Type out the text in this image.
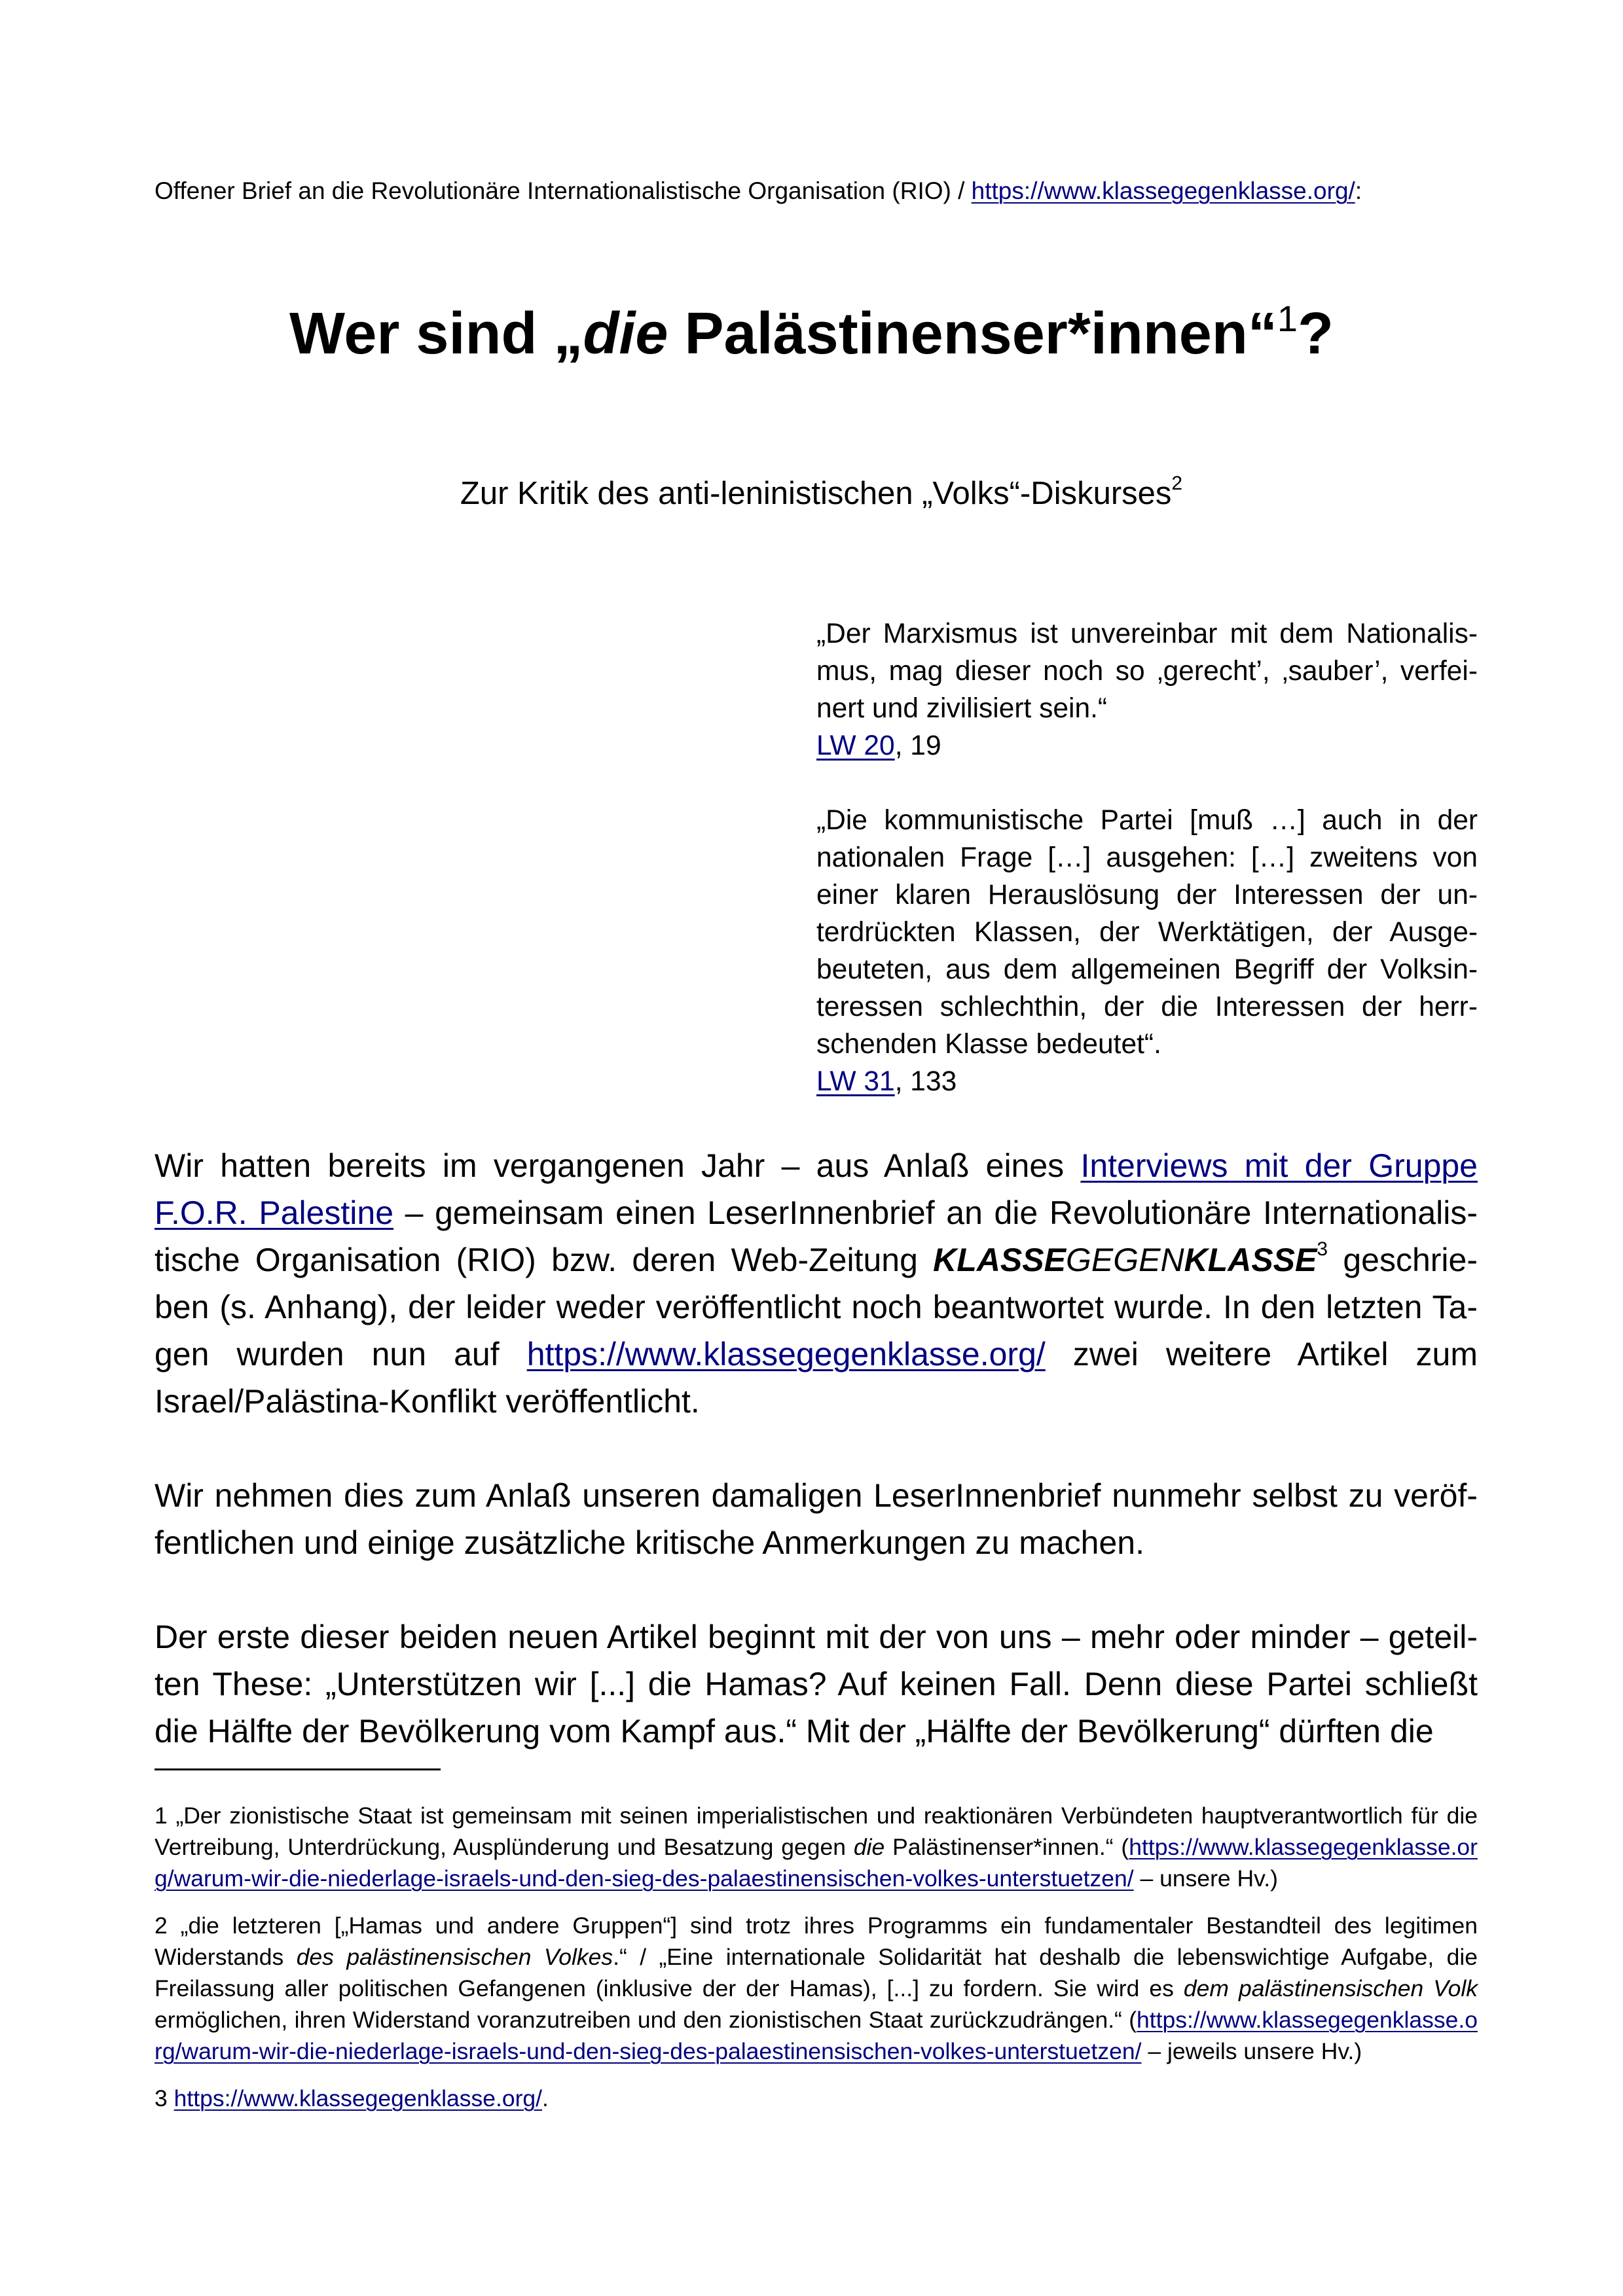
Offener Brief an die Revolutionäre Internationalistische Organisation (RIO) / https://www.klassegegenklasse.org/:
Wer sind „die Palästinenser*innen“$^1$?
Zur Kritik des anti-leninistischen „Volks“-Diskurses$^2$

„Der Marxismus ist unvereinbar mit dem Nationalismus, mag dieser noch so ‚gerecht’, ‚sauber’, verfeinert und zivilisiert sein.“

LW 20, 19

„Die kommunistische Partei [muß …] auch in der nationalen Frage […] ausgehen: […] zweitens von einer klaren Herauslösung der Interessen der unterdrückten Klassen, der Werktätigen, der Ausgebeuteten, aus dem allgemeinen Begriff der Volksinteressen schlechthin, der die Interessen der herrschenden Klasse bedeutet“.

LW 31, 133

Wir hatten bereits im vergangenen Jahr – aus Anlaß eines Interviews mit der Gruppe F.O.R. Palestine – gemeinsam einen LeserInnenbrief an die Revolutionäre Internationalistische Organisation (RIO) bzw. deren Web-Zeitung KLASSEGEGENKLASSE$^3$ geschrieben (s. Anhang), der leider weder veröffentlicht noch beantwortet wurde. In den letzten Tagen wurden nun auf https://www.klassegegenklasse.org/ zwei weitere Artikel zum Israel/Palästina-Konflikt veröffentlicht.

Wir nehmen dies zum Anlaß unseren damaligen LeserInnenbrief nunmehr selbst zu veröffentlichen und einige zusätzliche kritische Anmerkungen zu machen.

Der erste dieser beiden neuen Artikel beginnt mit der von uns – mehr oder minder – geteilten These: „Unterstützen wir [...] die Hamas? Auf keinen Fall. Denn diese Partei schließt die Hälfte der Bevölkerung vom Kampf aus.“ Mit der „Hälfte der Bevölkerung“ dürften die

1 „Der zionistische Staat ist gemeinsam mit seinen imperialistischen und reaktionären Verbündeten hauptverantwortlich für die Vertreibung, Unterdrückung, Ausplünderung und Besatzung gegen die Palästinenser*innen.“ (https://www.klassegegenklasse.org/warum-wir-die-niederlage-israels-und-den-sieg-des-palaestinensischen-volkes-unterstuetzen/ – unsere Hv.)

2 „die letzteren [„Hamas und andere Gruppen“] sind trotz ihres Programms ein fundamentaler Bestandteil des legitimen Widerstands des palästinensischen Volkes.“ / „Eine internationale Solidarität hat deshalb die lebenswichtige Aufgabe, die Freilassung aller politischen Gefangenen (inklusive der der Hamas), [...] zu fordern. Sie wird es dem palästinensischen Volk ermöglichen, ihren Widerstand voranzutreiben und den zionistischen Staat zurückzudrängen.“ (https://www.klassegegenklasse.org/warum-wir-die-niederlage-israels-und-den-sieg-des-palaestinensischen-volkes-unterstuetzen/ – jeweils unsere Hv.)

3 https://www.klassegegenklasse.org/.
